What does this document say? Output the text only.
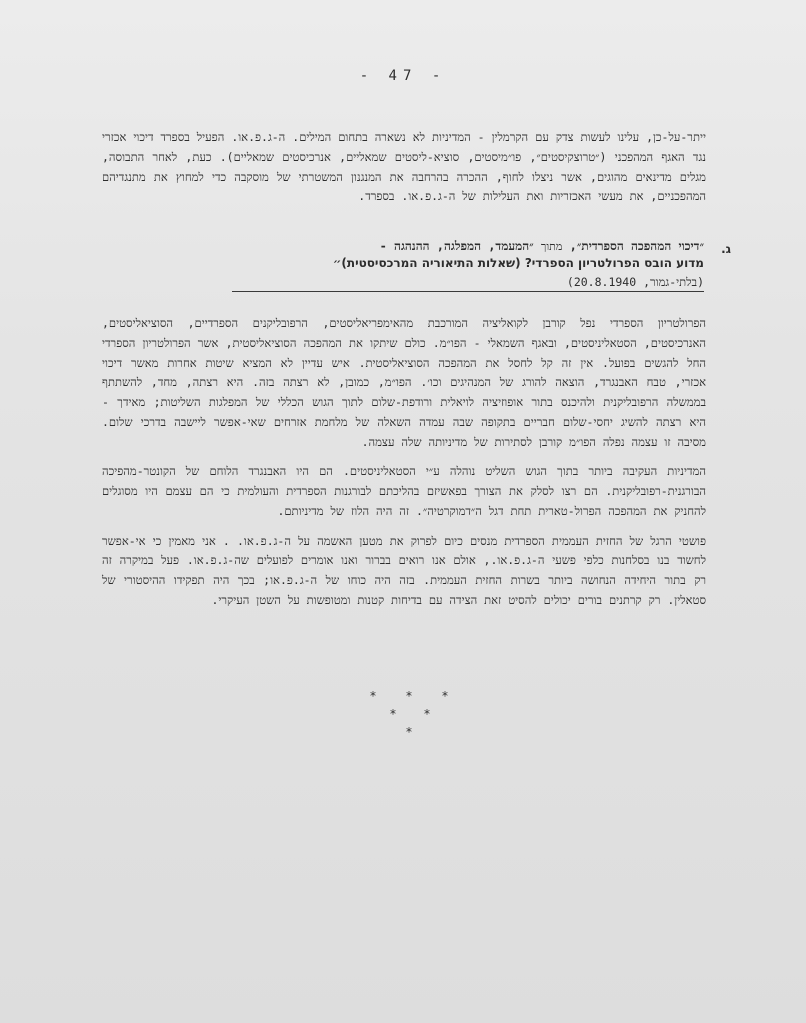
- 47 -
ייתר-על-כן, עלינו לעשות צדק עם הקרמלין - המדיניות לא נשארה בתחום המילים. ה-ג.פ.או. הפעיל בספרד דיכוי אכזרי נגד האגף המהפכני (״טרוצקיסטים״, פו״מיסטים, סוציא-ליסטים שמאליים, אנרכיסטים שמאליים). כעת, לאחר התבוסה, מגלים מדינאים מהוגים, אשר ניצלו לחוף, ההכרה בהרחבה את המנגנון המשטרתי של מוסקבה כדי למחוץ את מתנגדיהם המהפכניים, את מעשי האכזריות ואת העלילות של ה-ג.פ.או. בספרד.
ג.

״דיכוי המהפכה הספרדית״, מתוך ״המעמד, המפלגה, ההנהגה -

מדוע הובס הפרולטריון הספרדי? (שאלות התיאוריה המרכסיסטית)״

(בלתי-גמור, 20.8.1940)

הפרולטריון הספרדי נפל קורבן לקואליציה המורכבת מהאימפריאליסטים, הרפובליקנים הספרדיים, הסוציאליסטים, האנרכיסטים, הסטאליניסטים, ובאגף השמאלי - הפו״מ. כולם שיתקו את המהפכה הסוציאליסטית, אשר הפרולטריון הספרדי החל להגשים בפועל. אין זה קל לחסל את המהפכה הסוציאליסטית. איש עדיין לא המציא שיטות אחרות מאשר דיכוי אכזרי, טבח האבנגרד, הוצאה להורג של המנהיגים וכו׳. הפו״מ, כמובן, לא רצתה בזה. היא רצתה, מחד, להשתתף בממשלה הרפובליקנית ולהיכנס בתור אופוזיציה לויאלית ורודפת-שלום לתוך הגוש הכללי של המפלגות השליטות; מאידך - היא רצתה להשיג יחסי-שלום חבריים בתקופה שבה עמדה השאלה של מלחמת אזרחים שאי-אפשר ליישבה בדרכי שלום. מסיבה זו עצמה נפלה הפו״מ קורבן לסתירות של מדיניותה שלה עצמה.

המדיניות העקיבה ביותר בתוך הגוש השליט נוהלה ע״י הסטאליניסטים. הם היו האבנגרד הלוחם של הקונטר-מהפיכה הבורגנית-רפובליקנית. הם רצו לסלק את הצורך בפאשיזם בהליכתם לבורגנות הספרדית והעולמית כי הם עצמם היו מסוגלים להחניק את המהפכה הפרול-טארית תחת דגל ה״דמוקרטיה״. זה היה הלוז של מדיניותם.

פושטי הרגל של החזית העממית הספרדית מנסים כיום לפרוק את מטען האשמה על ה-ג.פ.או. . אני מאמין כי אי-אפשר לחשוד בנו בסלחנות כלפי פשעי ה-ג.פ.או., אולם אנו רואים בברור ואנו אומרים לפועלים שה-ג.פ.או. פעל במיקרה זה רק בתור היחידה הנחושה ביותר בשרות החזית העממית. בזה היה כוחו של ה-ג.פ.או; בכך היה תפקידו ההיסטורי של סטאלין. רק קרתנים בורים יכולים להסיט זאת הצידה עם בדיחות קטנות ומטופשות על השטן העיקרי.

*	*	*
* *
*
